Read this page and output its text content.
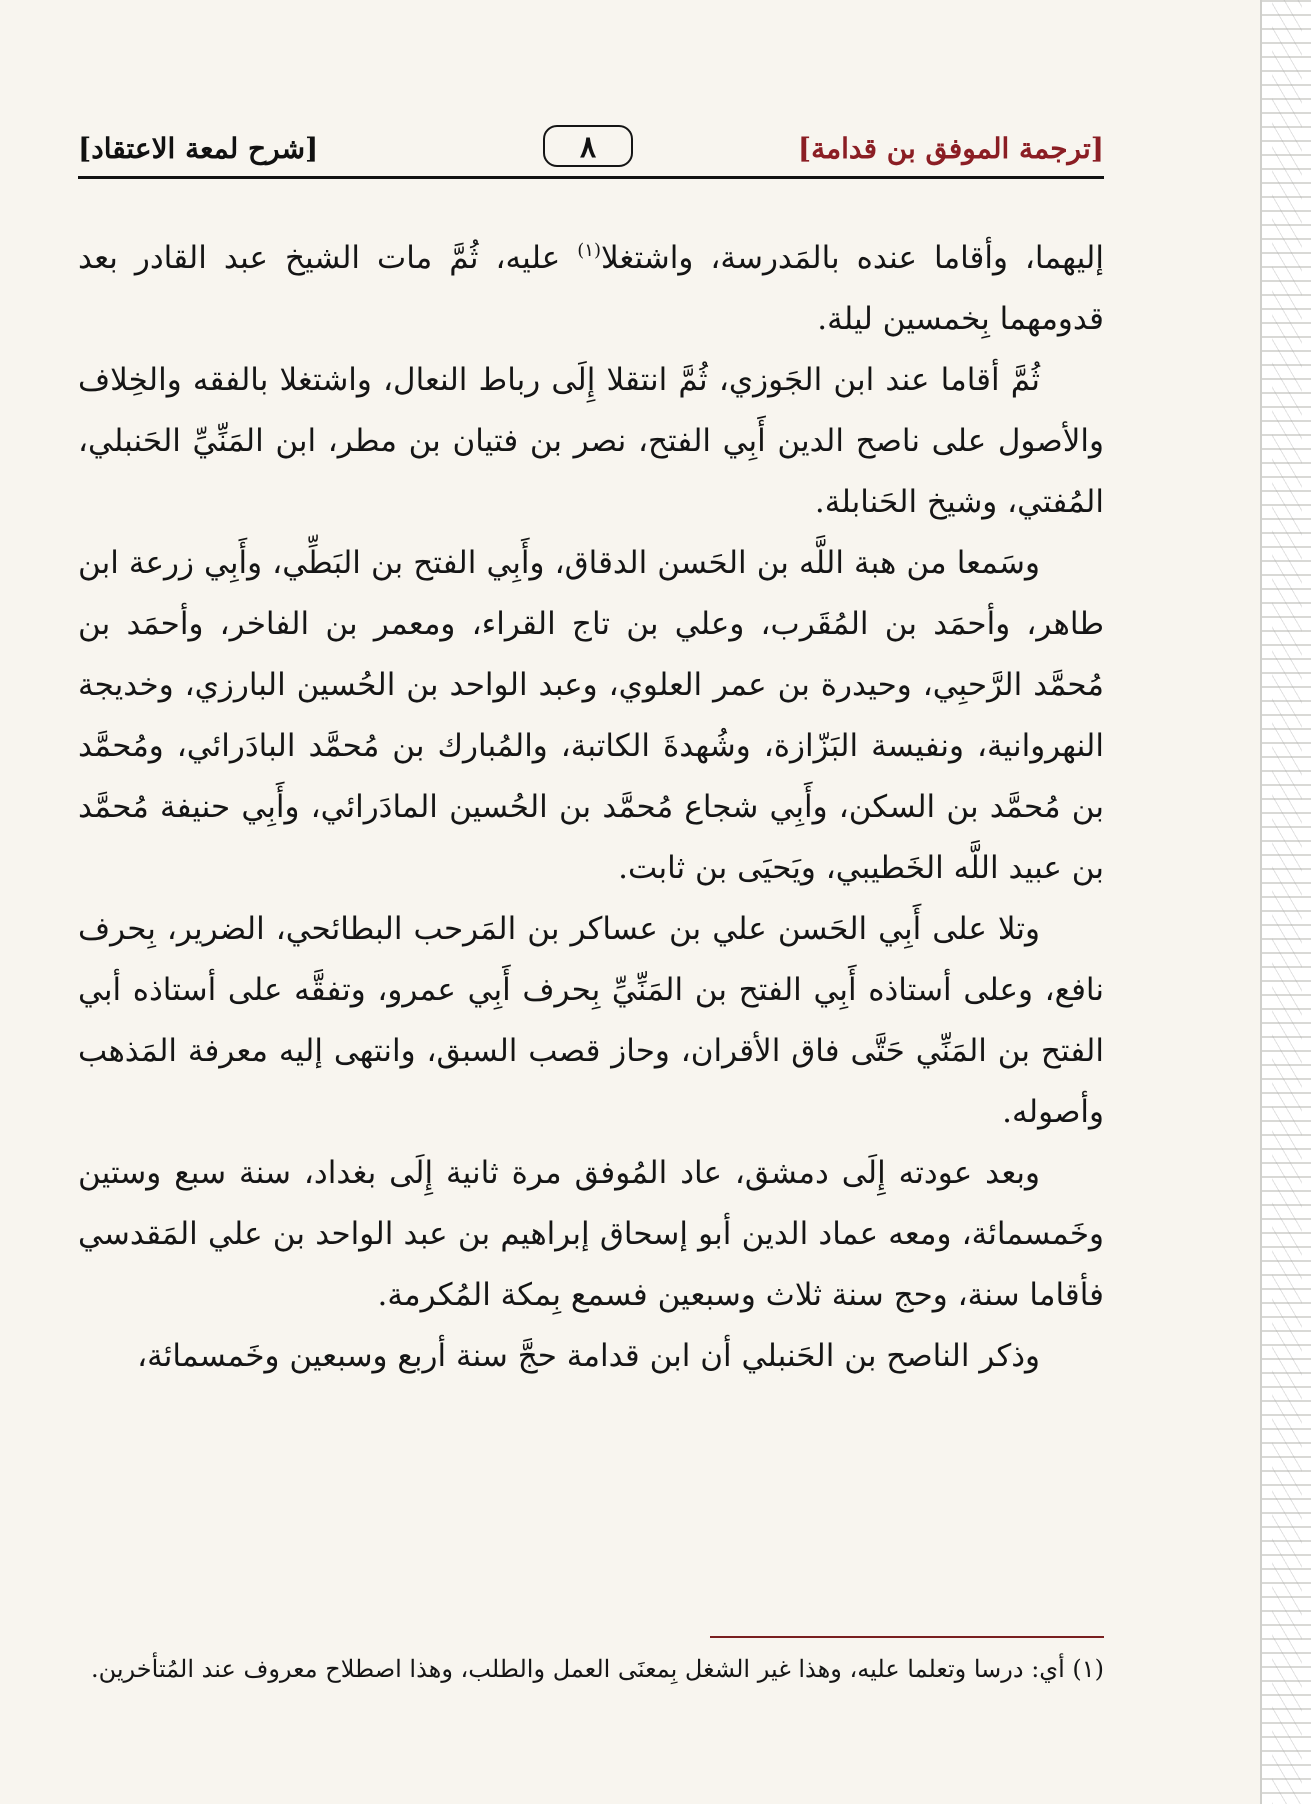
[ترجمة الموفق بن قدامة]
٨
[شرح لمعة الاعتقاد]

إليهما، وأقاما عنده بالمَدرسة، واشتغلا$^{(١)}$ عليه، ثُمَّ مات الشيخ عبد القادر بعد قدومهما بِخمسين ليلة.

ثُمَّ أقاما عند ابن الجَوزي، ثُمَّ انتقلا إِلَى رباط النعال، واشتغلا بالفقه والخِلاف والأصول على ناصح الدين أَبِي الفتح، نصر بن فتيان بن مطر، ابن المَنِّيِّ الحَنبلي، المُفتي، وشيخ الحَنابلة.

وسَمعا من هبة اللَّه بن الحَسن الدقاق، وأَبِي الفتح بن البَطِّي، وأَبِي زرعة ابن طاهر، وأحمَد بن المُقَرب، وعلي بن تاج القراء، ومعمر بن الفاخر، وأحمَد بن مُحمَّد الرَّحبِي، وحيدرة بن عمر العلوي، وعبد الواحد بن الحُسين البارزي، وخديجة النهروانية، ونفيسة البَزّازة، وشُهدةَ الكاتبة، والمُبارك بن مُحمَّد البادَرائي، ومُحمَّد بن مُحمَّد بن السكن، وأَبِي شجاع مُحمَّد بن الحُسين المادَرائي، وأَبِي حنيفة مُحمَّد بن عبيد اللَّه الخَطيبي، ويَحيَى بن ثابت.

وتلا على أَبِي الحَسن علي بن عساكر بن المَرحب البطائحي، الضرير، بِحرف نافع، وعلى أستاذه أَبِي الفتح بن المَنِّيِّ بِحرف أَبِي عمرو، وتفقَّه على أستاذه أبي الفتح بن المَنِّي حَتَّى فاق الأقران، وحاز قصب السبق، وانتهى إليه معرفة المَذهب وأصوله.

وبعد عودته إِلَى دمشق، عاد المُوفق مرة ثانية إِلَى بغداد، سنة سبع وستين وخَمسمائة، ومعه عماد الدين أبو إسحاق إبراهيم بن عبد الواحد بن علي المَقدسي فأقاما سنة، وحج سنة ثلاث وسبعين فسمع بِمكة المُكرمة.

وذكر الناصح بن الحَنبلي أن ابن قدامة حجَّ سنة أربع وسبعين وخَمسمائة،

(١) أي: درسا وتعلما عليه، وهذا غير الشغل بِمعنَى العمل والطلب، وهذا اصطلاح معروف عند المُتأخرين.
